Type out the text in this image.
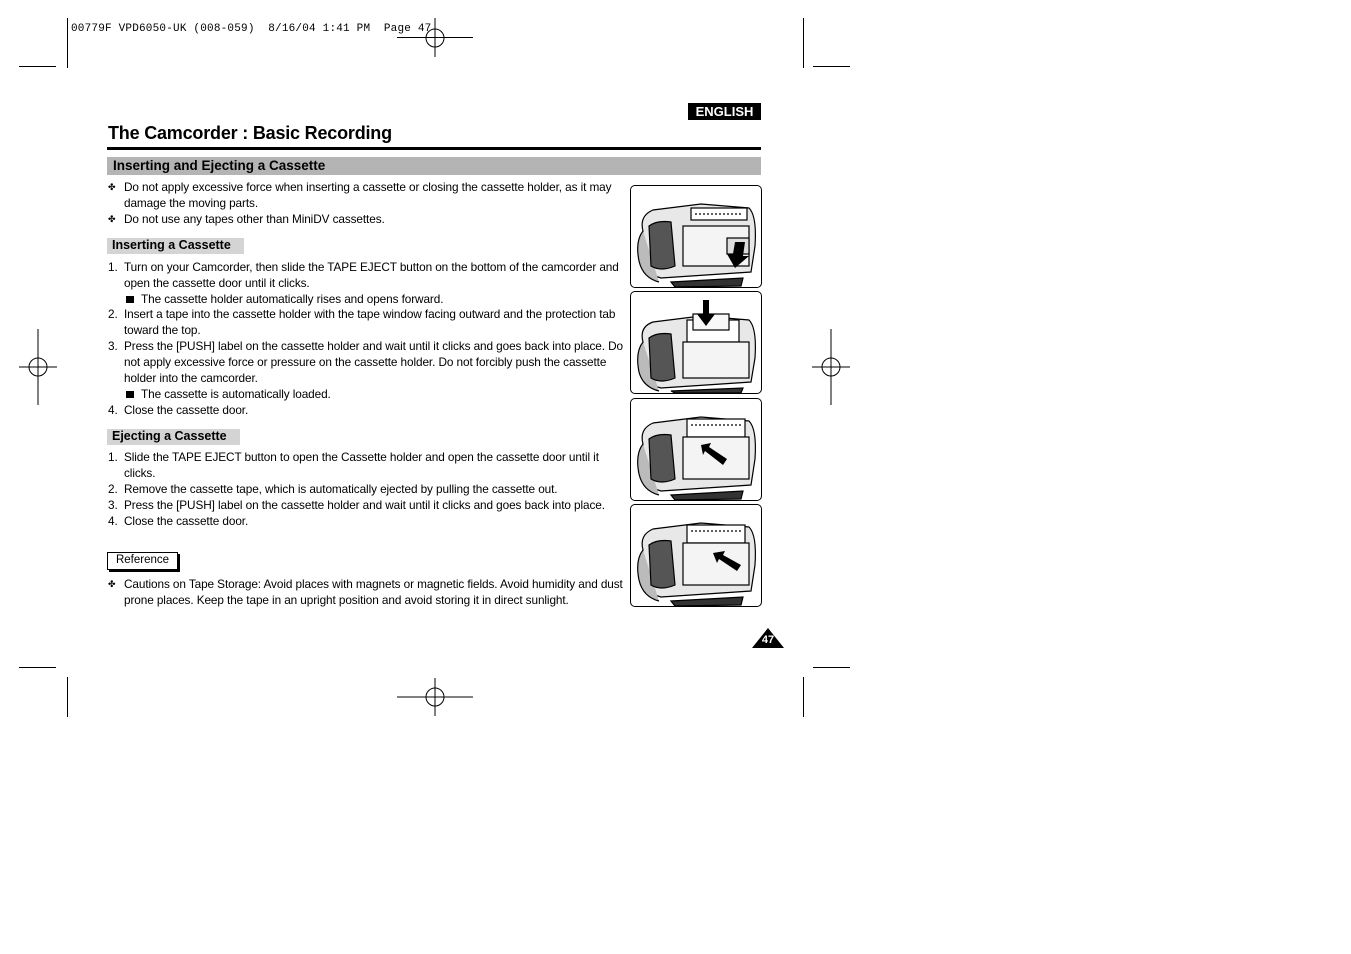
00779F VPD6050-UK (008-059)  8/16/04 1:41 PM  Page 47
ENGLISH
The Camcorder : Basic Recording
Inserting and Ejecting a Cassette
✤ Do not apply excessive force when inserting a cassette or closing the cassette holder, as it may
damage the moving parts.
✤ Do not use any tapes other than MiniDV cassettes.
Inserting a Cassette
1. Turn on your Camcorder, then slide the TAPE EJECT button on the bottom of the camcorder and
open the cassette door until it clicks.
The cassette holder automatically rises and opens forward.
2. Insert a tape into the cassette holder with the tape window facing outward and the protection tab
toward the top.
3. Press the [PUSH] label on the cassette holder and wait until it clicks and goes back into place. Do
not apply excessive force or pressure on the cassette holder. Do not forcibly push the cassette
holder into the camcorder.
The cassette is automatically loaded.
4. Close the cassette door.
Ejecting a Cassette
1. Slide the TAPE EJECT button to open the Cassette holder and open the cassette door until it
clicks.
2. Remove the cassette tape, which is automatically ejected by pulling the cassette out.
3. Press the [PUSH] label on the cassette holder and wait until it clicks and goes back into place.
4. Close the cassette door.
Reference
✤ Cautions on Tape Storage: Avoid places with magnets or magnetic fields. Avoid humidity and dust
prone places. Keep the tape in an upright position and avoid storing it in direct sunlight.
47
